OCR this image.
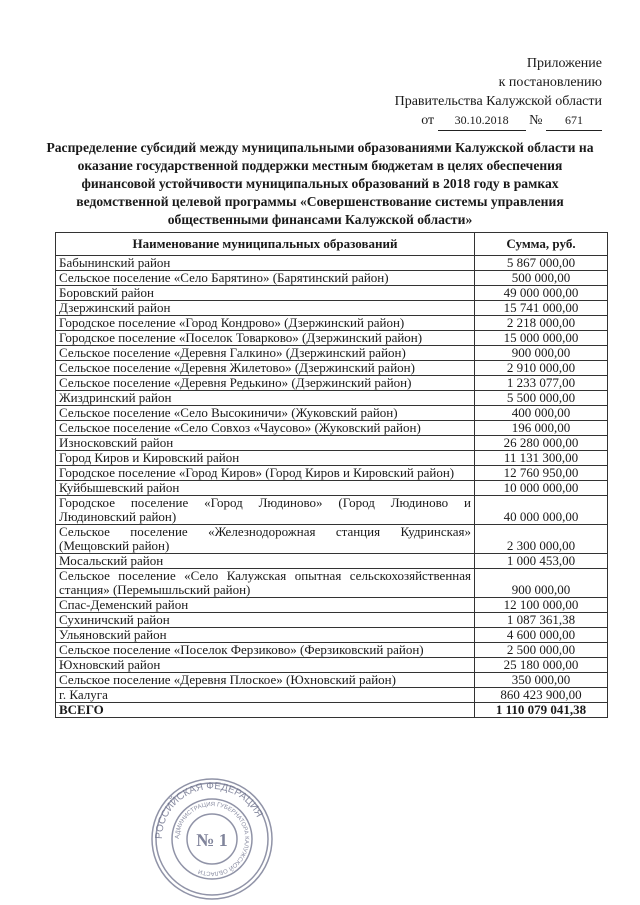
Приложение
к постановлению
Правительства Калужской области
от 30.10.2018 № 671
Распределение субсидий между муниципальными образованиями Калужской области на оказание государственной поддержки местным бюджетам в целях обеспечения финансовой устойчивости муниципальных образований в 2018 году в рамках ведомственной целевой программы «Совершенствование системы управления общественными финансами Калужской области»
Наименование муниципальных образований	Сумма, руб.
Бабынинский район	5 867 000,00
Сельское поселение «Село Барятино» (Барятинский район)	500 000,00
Боровский район	49 000 000,00
Дзержинский район	15 741 000,00
Городское поселение «Город Кондрово» (Дзержинский район)	2 218 000,00
Городское поселение «Поселок Товарково» (Дзержинский район)	15 000 000,00
Сельское поселение «Деревня Галкино» (Дзержинский район)	900 000,00
Сельское поселение «Деревня Жилетово» (Дзержинский район)	2 910 000,00
Сельское поселение «Деревня Редькино» (Дзержинский район)	1 233 077,00
Жиздринский район	5 500 000,00
Сельское поселение «Село Высокиничи» (Жуковский район)	400 000,00
Сельское поселение «Село Совхоз «Чаусово» (Жуковский район)	196 000,00
Износковский район	26 280 000,00
Город Киров и Кировский район	11 131 300,00
Городское поселение «Город Киров» (Город Киров и Кировский район)	12 760 950,00
Куйбышевский район	10 000 000,00
Городское поселение «Город Людиново» (Город Людиново и Людиновский район)	40 000 000,00
Сельское поселение «Железнодорожная станция Кудринская» (Мещовский район)	2 300 000,00
Мосальский район	1 000 453,00
Сельское поселение «Село Калужская опытная сельскохозяйственная станция» (Перемышльский район)	900 000,00
Спас-Деменский район	12 100 000,00
Сухиничский район	1 087 361,38
Ульяновский район	4 600 000,00
Сельское поселение «Поселок Ферзиково» (Ферзиковский район)	2 500 000,00
Юхновский район	25 180 000,00
Сельское поселение «Деревня Плоское» (Юхновский район)	350 000,00
г. Калуга	860 423 900,00
ВСЕГО	1 110 079 041,38
РОССИЙСКАЯ ФЕДЕРАЦИЯ
АДМИНИСТРАЦИЯ ГУБЕРНАТОРА КАЛУЖСКОЙ ОБЛАСТИ
№ 1
